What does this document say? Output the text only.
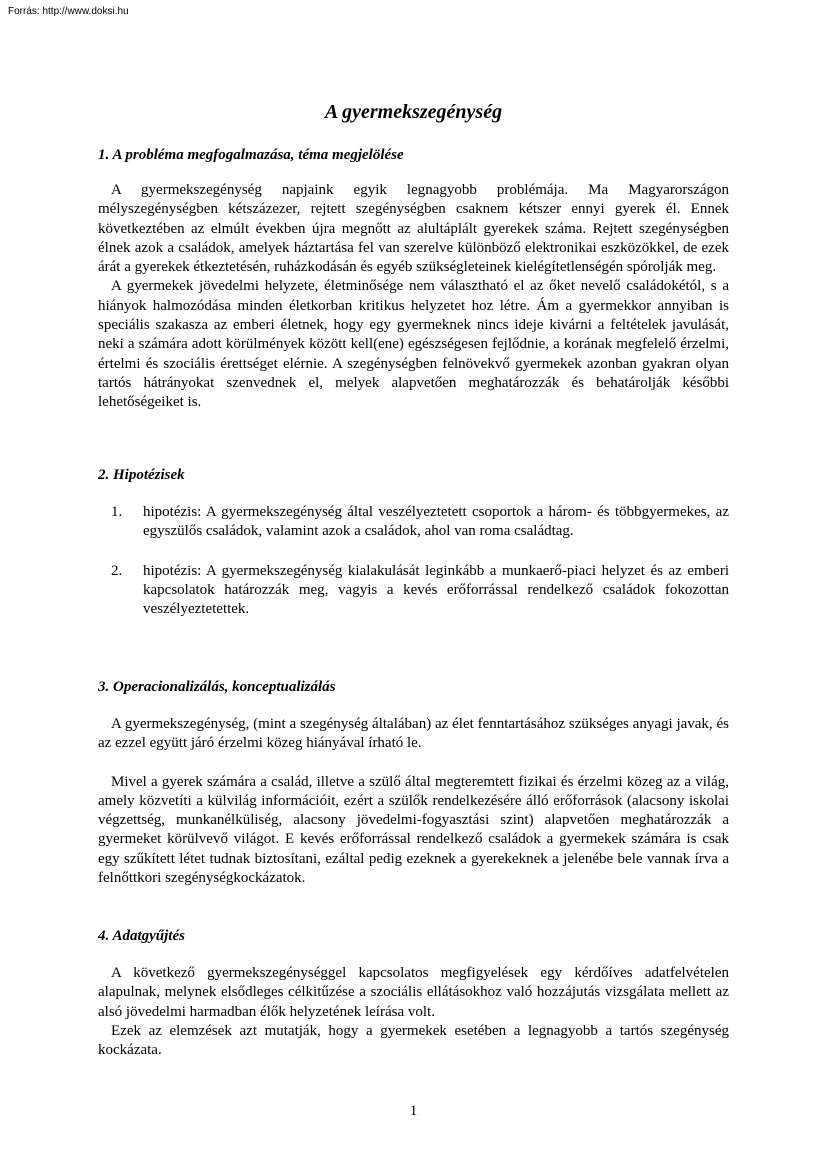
Forrás: http://www.doksi.hu
A gyermekszegénység
1. A probléma megfogalmazása, téma megjelölése

A gyermekszegénység napjaink egyik legnagyobb problémája. Ma Magyarországon mélyszegénységben kétszázezer, rejtett szegénységben csaknem kétszer ennyi gyerek él. Ennek következtében az elmúlt években újra megnőtt az alultáplált gyerekek száma. Rejtett szegénységben élnek azok a családok, amelyek háztartása fel van szerelve különböző elektronikai eszközökkel, de ezek árát a gyerekek étkeztetésén, ruházkodásán és egyéb szükségleteinek kielégítetlenségén spórolják meg.

A gyermekek jövedelmi helyzete, életminősége nem választható el az őket nevelő családokétól, s a hiányok halmozódása minden életkorban kritikus helyzetet hoz létre. Ám a gyermekkor annyiban is speciális szakasza az emberi életnek, hogy egy gyermeknek nincs ideje kivárni a feltételek javulását, neki a számára adott körülmények között kell(ene) egészségesen fejlődnie, a korának megfelelő érzelmi, értelmi és szociális érettséget elérnie. A szegénységben felnövekvő gyermekek azonban gyakran olyan tartós hátrányokat szenvednek el, melyek alapvetően meghatározzák és behatárolják későbbi lehetőségeiket is.

2. Hipotézisek
1. hipotézis: A gyermekszegénység által veszélyeztetett csoportok a három- és többgyermekes, az egyszülős családok, valamint azok a családok, ahol van roma családtag.
2. hipotézis: A gyermekszegénység kialakulását leginkább a munkaerő-piaci helyzet és az emberi kapcsolatok határozzák meg, vagyis a kevés erőforrással rendelkező családok fokozottan veszélyeztetettek.
3. Operacionalizálás, konceptualizálás

A gyermekszegénység, (mint a szegénység általában) az élet fenntartásához szükséges anyagi javak, és az ezzel együtt járó érzelmi közeg hiányával írható le.

Mivel a gyerek számára a család, illetve a szülő által megteremtett fizikai és érzelmi közeg az a világ, amely közvetíti a külvilág információit, ezért a szülők rendelkezésére álló erőforrások (alacsony iskolai végzettség, munkanélküliség, alacsony jövedelmi-fogyasztási szint) alapvetően meghatározzák a gyermeket körülvevő világot. E kevés erőforrással rendelkező családok a gyermekek számára is csak egy szűkített létet tudnak biztosítani, ezáltal pedig ezeknek a gyerekeknek a jelenébe bele vannak írva a felnőttkori szegénységkockázatok.

4. Adatgyűjtés

A következő gyermekszegénységgel kapcsolatos megfigyelések egy kérdőíves adatfelvételen alapulnak, melynek elsődleges célkitűzése a szociális ellátásokhoz való hozzájutás vizsgálata mellett az alsó jövedelmi harmadban élők helyzetének leírása volt.

Ezek az elemzések azt mutatják, hogy a gyermekek esetében a legnagyobb a tartós szegénység kockázata.

1
